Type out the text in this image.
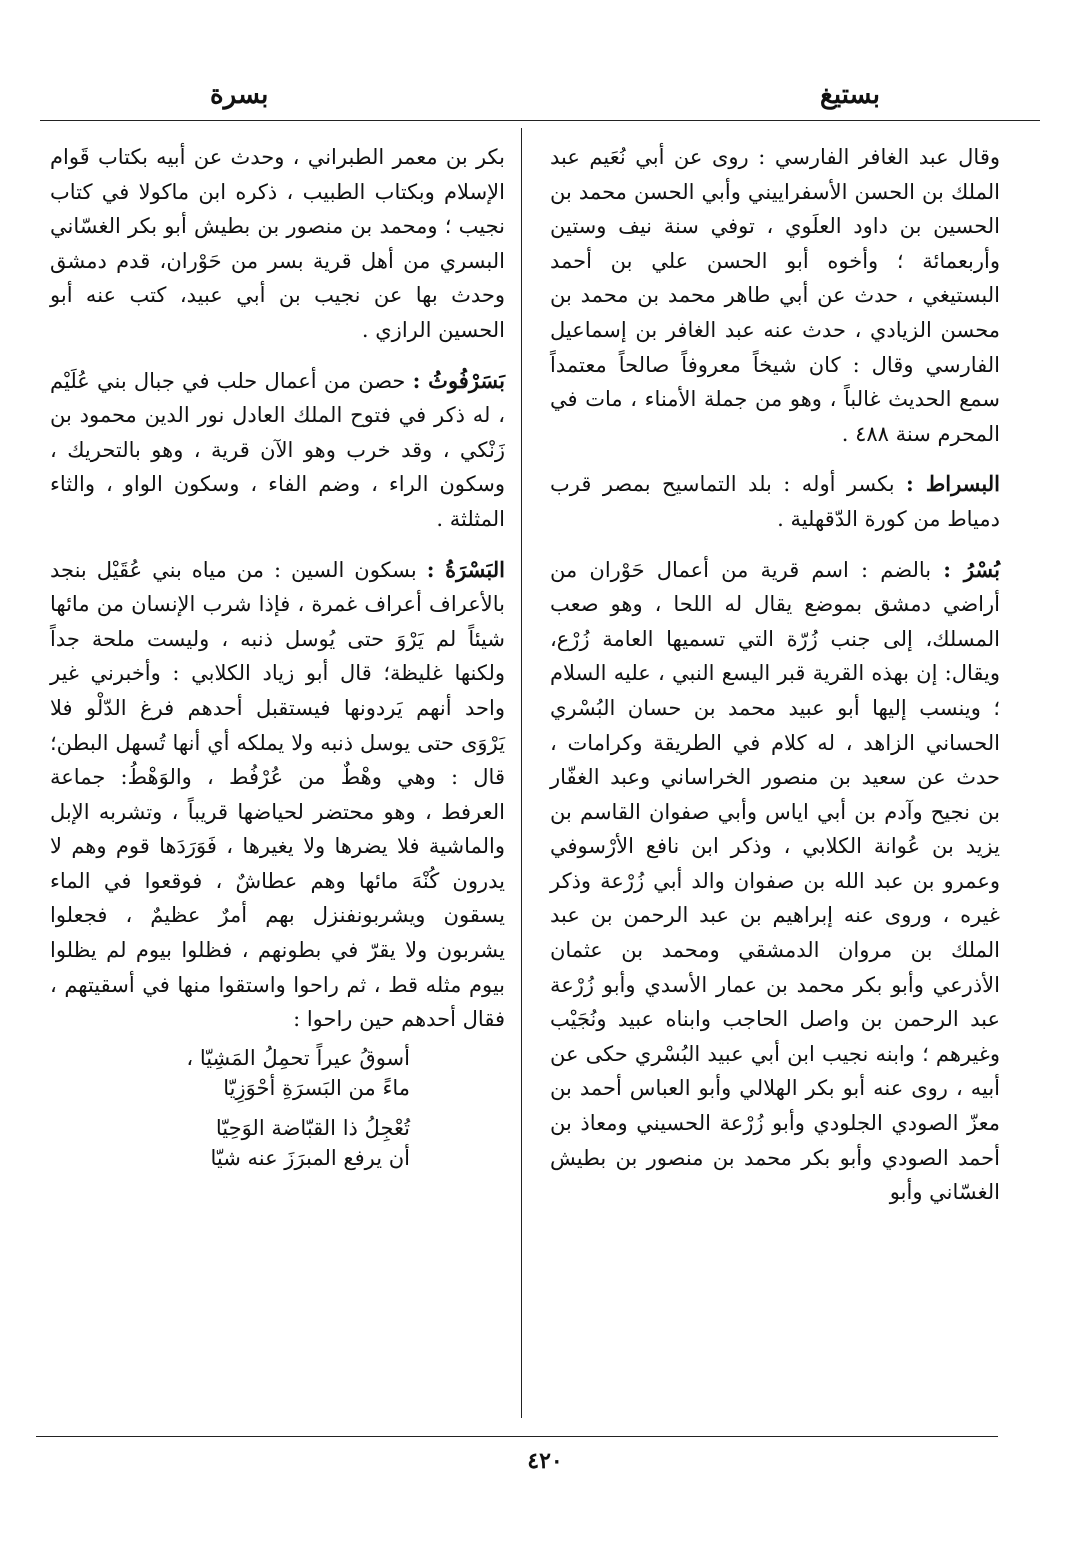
بستيغ
بسرة

وقال عبد الغافر الفارسي : روى عن أبي نُعَيم عبد الملك بن الحسن الأسفراييني وأبي الحسن محمد بن الحسين بن داود العلَوي ، توفي سنة نيف وستين وأربعمائة ؛ وأخوه أبو الحسن علي بن أحمد البستيغي ، حدث عن أبي طاهر محمد بن محمد بن محسن الزيادي ، حدث عنه عبد الغافر بن إسماعيل الفارسي وقال : كان شيخاً معروفاً صالحاً معتمداً سمع الحديث غالباً ، وهو من جملة الأمناء ، مات في المحرم سنة ٤٨٨ .

البسراط : بكسر أوله : بلد التماسيح بمصر قرب دمياط من كورة الدّقهلية .

بُسْرُ : بالضم : اسم قرية من أعمال حَوْران من أراضي دمشق بموضع يقال له اللحا ، وهو صعب المسلك، إلى جنب زُرّة التي تسميها العامة زُرْع، ويقال: إن بهذه القرية قبر اليسع النبي ، عليه السلام ؛ وينسب إليها أبو عبيد محمد بن حسان البُسْري الحساني الزاهد ، له كلام في الطريقة وكرامات ، حدث عن سعيد بن منصور الخراساني وعبد الغفّار بن نجيح وآدم بن أبي اياس وأبي صفوان القاسم بن يزيد بن عُوانة الكلابي ، وذكر ابن نافع الأرْسوفي وعمرو بن عبد الله بن صفوان والد أبي زُرْعة وذكر غيره ، وروى عنه إبراهيم بن عبد الرحمن بن عبد الملك بن مروان الدمشقي ومحمد بن عثمان الأذرعي وأبو بكر محمد بن عمار الأسدي وأبو زُرْعة عبد الرحمن بن واصل الحاجب وابناه عبيد ونُجَيْب وغيرهم ؛ وابنه نجيب ابن أبي عبيد البُسْري حكى عن أبيه ، روى عنه أبو بكر الهلالي وأبو العباس أحمد بن معزّ الصودي الجلودي وأبو زُرْعة الحسيني ومعاذ بن أحمد الصودي وأبو بكر محمد بن منصور بن بطيش الغسّاني وأبو

بكر بن معمر الطبراني ، وحدث عن أبيه بكتاب قَوام الإسلام وبكتاب الطبيب ، ذكره ابن ماكولا في كتاب نجيب ؛ ومحمد بن منصور بن بطيش أبو بكر الغسّاني البسري من أهل قرية بسر من حَوْران، قدم دمشق وحدث بها عن نجيب بن أبي عبيد، كتب عنه أبو الحسين الرازي .

بَسَرْفُوثُ : حصن من أعمال حلب في جبال بني عُلَيْم ، له ذكر في فتوح الملك العادل نور الدين محمود بن زَنْكي ، وقد خرب وهو الآن قرية ، وهو بالتحريك ، وسكون الراء ، وضم الفاء ، وسكون الواو ، والثاء المثلثة .

البَسْرَةُ : بسكون السين : من مياه بني عُقَيْل بنجد بالأعراف أعراف غمرة ، فإذا شرب الإنسان من مائها شيئاً لم يَرْوَ حتى يُوسل ذنبه ، وليست ملحة جداً ولكنها غليظة؛ قال أبو زياد الكلابي : وأخبرني غير واحد أنهم يَردونها فيستقبل أحدهم فرغ الدّلْو فلا يَرْوَى حتى يوسل ذنبه ولا يملكه أي أنها تُسهل البطن؛ قال : وهي وهْطٌ من عُرْفُط ، والوَهْطُ: جماعة العرفط ، وهو محتضر لحياضها قريباً ، وتشربه الإبل والماشية فلا يضرها ولا يغيرها ، فَوَرَدَها قوم وهم لا يدرون كُنْهَ مائها وهم عطاشٌ ، فوقعوا في الماء يسقون ويشربونفنزل بهم أمرٌ عظيمٌ ، فجعلوا يشربون ولا يقرّ في بطونهم ، فظلوا بيوم لم يظلوا بيوم مثله قط ، ثم راحوا واستقوا منها في أسقيتهم ، فقال أحدهم حين راحوا :

أسوقُ عيراً تحمِلُ المَشِيّا ،
ماءً من البَسرَةِ أحْوَزِيّا
تُعْجِلُ ذا القبّاضة الوَحِيّا
أن يرفع المبرَزَ عنه شيّا
٤٢٠
